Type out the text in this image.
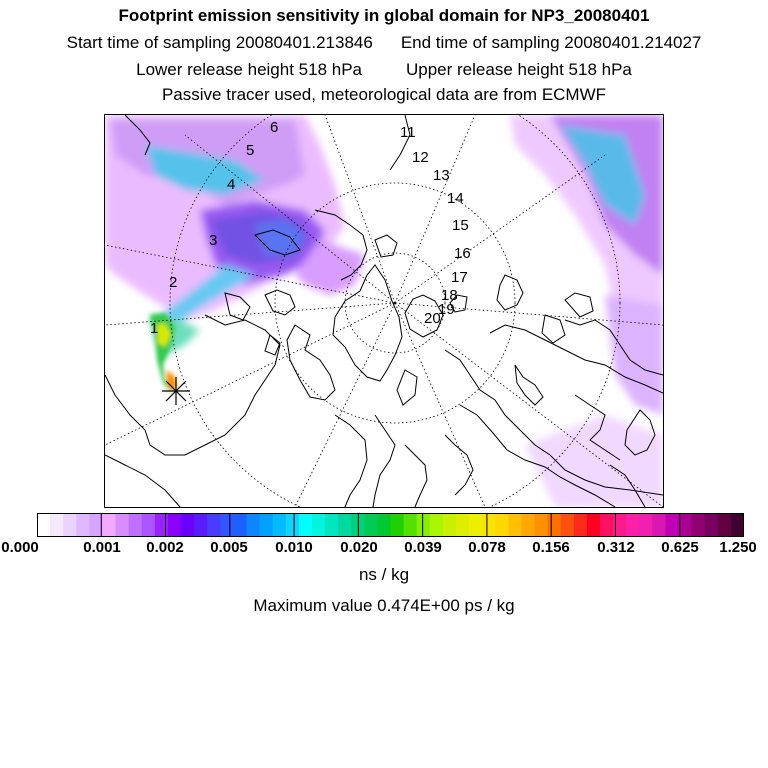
Footprint emission sensitivity in global domain for NP3_20080401
Start time of sampling 20080401.213846 End time of sampling 20080401.214027
Lower release height 518 hPa	Upper release height 518 hPa
Passive tracer used, meteorological data are from ECMWF
1
2
3
4
5
6	11
12
13
14
15
16
17
18
19
20
0.000	0.001 0.002 0.005 0.010 0.020 0.039 0.078 0.156 0.312 0.625 1.250
ns / kg
Maximum value 0.474E+00 ps / kg
